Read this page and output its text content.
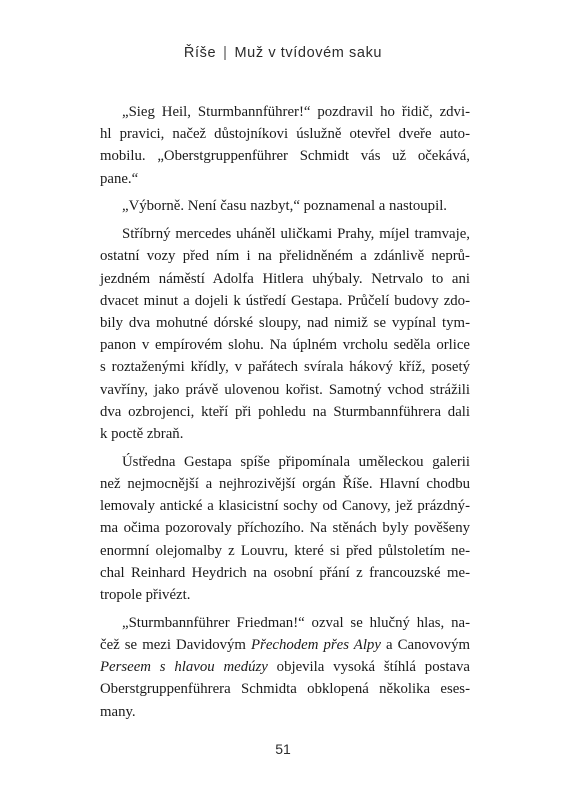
Říše | Muž v tvídovém saku

„Sieg Heil, Sturmbannführer!“ pozdravil ho řidič, zdvi-
hl pravici, načež důstojníkovi úslužně otevřel dveře auto-
mobilu. „Oberstgruppenführer Schmidt vás už očekává,
pane.“

„Výborně. Není času nazbyt,“ poznamenal a nastoupil.

Stříbrný mercedes uháněl uličkami Prahy, míjel tramvaje,
ostatní vozy před ním i na přelidněném a zdánlivě neprů-
jezdném náměstí Adolfa Hitlera uhýbaly. Netrvalo to ani
dvacet minut a dojeli k ústředí Gestapa. Průčelí budovy zdo-
bily dva mohutné dórské sloupy, nad nimiž se vypínal tym-
panon v empírovém slohu. Na úplném vrcholu seděla orlice
s roztaženými křídly, v pařátech svírala hákový kříž, posetý
vavříny, jako právě ulovenou kořist. Samotný vchod strážili
dva ozbrojenci, kteří při pohledu na Sturmbannführera dali
k poctě zbraň.

Ústředna Gestapa spíše připomínala uměleckou galerii
než nejmocnější a nejhrozivější orgán Říše. Hlavní chodbu
lemovaly antické a klasicistní sochy od Canovy, jež prázdný-
ma očima pozorovaly příchozího. Na stěnách byly pověšeny
enormní olejomalby z Louvru, které si před půlstoletím ne-
chal Reinhard Heydrich na osobní přání z francouzské me-
tropole přivézt.

„Sturmbannführer Friedman!“ ozval se hlučný hlas, na-
čež se mezi Davidovým Přechodem přes Alpy a Canovovým
Perseem s hlavou medúzy objevila vysoká štíhlá postava
Oberstgruppenführera Schmidta obklopená několika eses-
many.

51
